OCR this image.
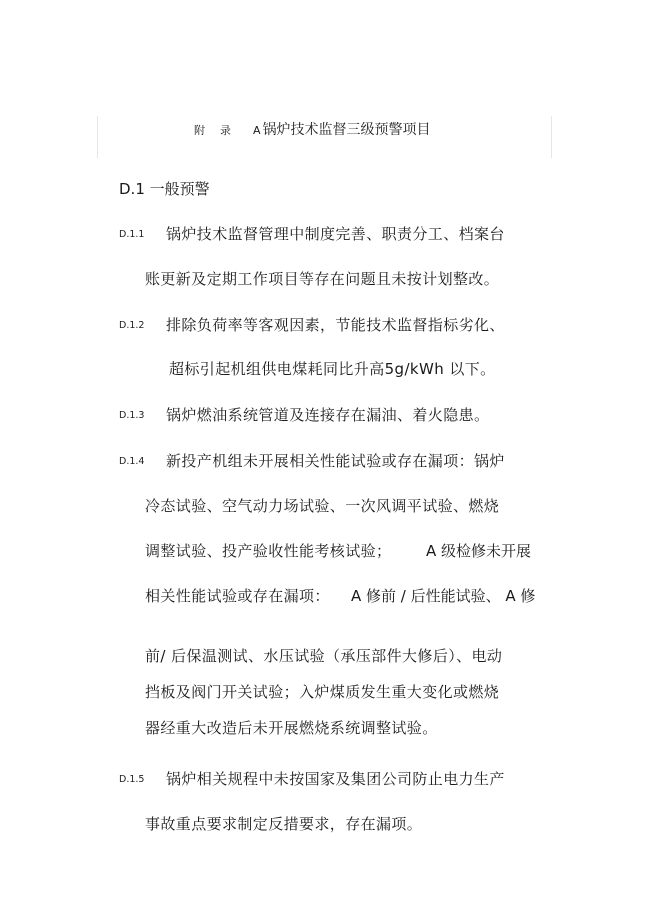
附　录 A 锅炉技术监督三级预警项目
D.1 一般预警
D.1.1 锅炉技术监督管理中制度完善、职责分工、档案台
账更新及定期工作项目等存在问题且未按计划整改。
D.1.2 排除负荷率等客观因素，节能技术监督指标劣化、
超标引起机组供电煤耗同比升高5g/kWh 以下。
D.1.3 锅炉燃油系统管道及连接存在漏油、着火隐患。
D.1.4 新投产机组未开展相关性能试验或存在漏项：锅炉
冷态试验、空气动力场试验、一次风调平试验、燃烧
调整试验、投产验收性能考核试验； A 级检修未开展
相关性能试验或存在漏项： A 修前 / 后性能试验、 A 修
前/ 后保温测试、水压试验（承压部件大修后）、电动
挡板及阀门开关试验；入炉煤质发生重大变化或燃烧
器经重大改造后未开展燃烧系统调整试验。
D.1.5 锅炉相关规程中未按国家及集团公司防止电力生产
事故重点要求制定反措要求，存在漏项。
